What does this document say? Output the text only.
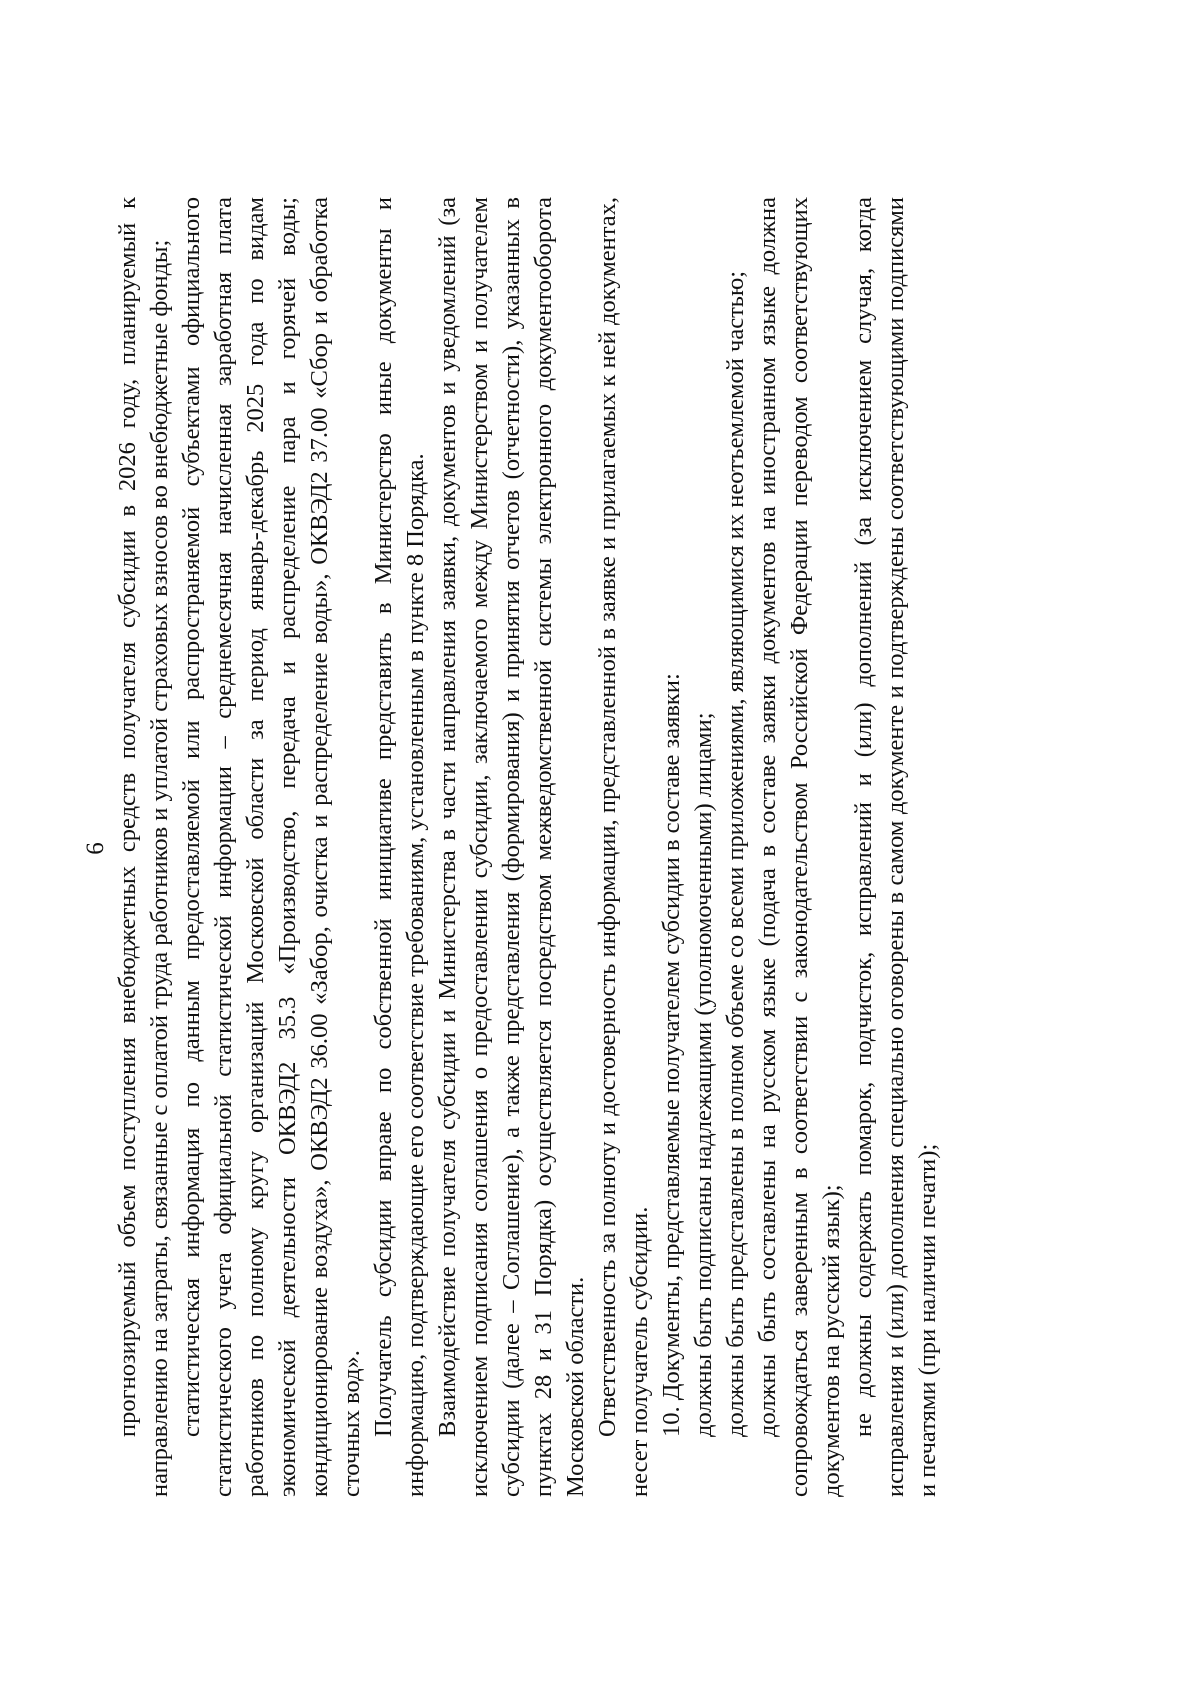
6 прогнозируемый объем поступления внебюджетных средств получателя субсидии в 2026 году, планируемый к направлению на затраты, связанные с оплатой труда работников и уплатой страховых взносов во внебюджетные фонды; статистическая информация по данным предоставляемой или распространяемой субъектами официального статистического учета официальной статистической информации – среднемесячная начисленная заработная плата работников по полному кругу организаций Московской области за период январь-декабрь 2025 года по видам экономической деятельности ОКВЭД2 35.3 «Производство, передача и распределение пара и горячей воды; кондиционирование воздуха», ОКВЭД2 36.00 «Забор, очистка и распределение воды», ОКВЭД2 37.00 «Сбор и обработка сточных вод». Получатель субсидии вправе по собственной инициативе представить в Министерство иные документы и информацию, подтверждающие его соответствие требованиям, установленным в пункте 8 Порядка. Взаимодействие получателя субсидии и Министерства в части направления заявки, документов и уведомлений (за исключением подписания соглашения о предоставлении субсидии, заключаемого между Министерством и получателем субсидии (далее – Соглашение), а также представления (формирования) и принятия отчетов (отчетности), указанных в пунктах 28 и 31 Порядка) осуществляется посредством межведомственной системы электронного документооборота Московской области. Ответственность за полноту и достоверность информации, представленной в заявке и прилагаемых к ней документах, несет получатель субсидии. 10. Документы, представляемые получателем субсидии в составе заявки: должны быть подписаны надлежащими (уполномоченными) лицами; должны быть представлены в полном объеме со всеми приложениями, являющимися их неотъемлемой частью; должны быть составлены на русском языке (подача в составе заявки документов на иностранном языке должна сопровождаться заверенным в соответствии с законодательством Российской Федерации переводом соответствующих документов на русский язык); не должны содержать помарок, подчисток, исправлений и (или) дополнений (за исключением случая, когда исправления и (или) дополнения специально оговорены в самом документе и подтверждены соответствующими подписями и печатями (при наличии печати);
